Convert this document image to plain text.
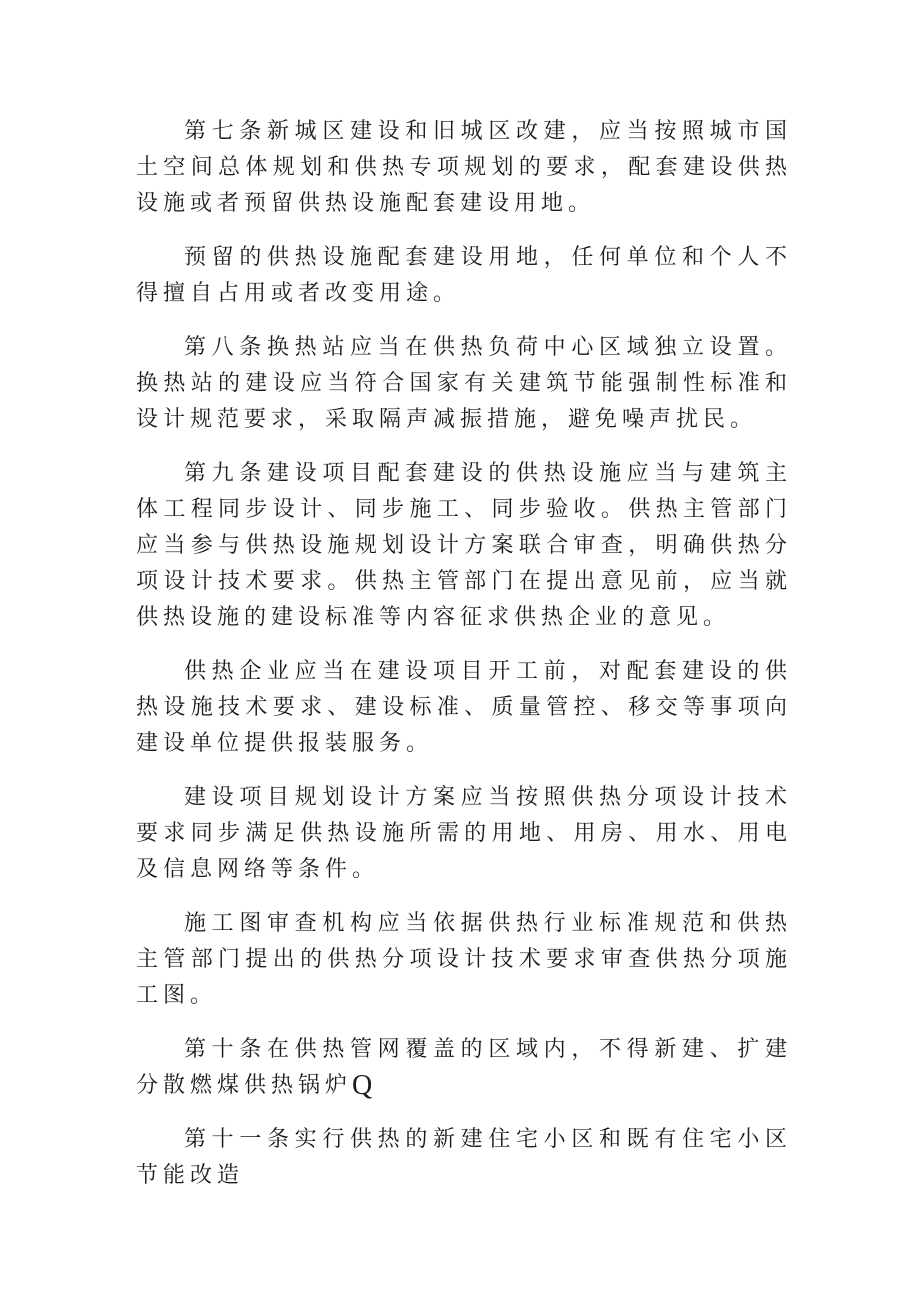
第七条新城区建设和旧城区改建，应当按照城市国土空间总体规划和供热专项规划的要求，配套建设供热设施或者预留供热设施配套建设用地。

预留的供热设施配套建设用地，任何单位和个人不得擅自占用或者改变用途。

第八条换热站应当在供热负荷中心区域独立设置。换热站的建设应当符合国家有关建筑节能强制性标准和设计规范要求，采取隔声减振措施，避免噪声扰民。

第九条建设项目配套建设的供热设施应当与建筑主体工程同步设计、同步施工、同步验收。供热主管部门应当参与供热设施规划设计方案联合审查，明确供热分项设计技术要求。供热主管部门在提出意见前，应当就供热设施的建设标准等内容征求供热企业的意见。

供热企业应当在建设项目开工前，对配套建设的供热设施技术要求、建设标准、质量管控、移交等事项向建设单位提供报装服务。

建设项目规划设计方案应当按照供热分项设计技术要求同步满足供热设施所需的用地、用房、用水、用电及信息网络等条件。

施工图审查机构应当依据供热行业标准规范和供热主管部门提出的供热分项设计技术要求审查供热分项施工图。

第十条在供热管网覆盖的区域内，不得新建、扩建分散燃煤供热锅炉Q

第十一条实行供热的新建住宅小区和既有住宅小区节能改造
